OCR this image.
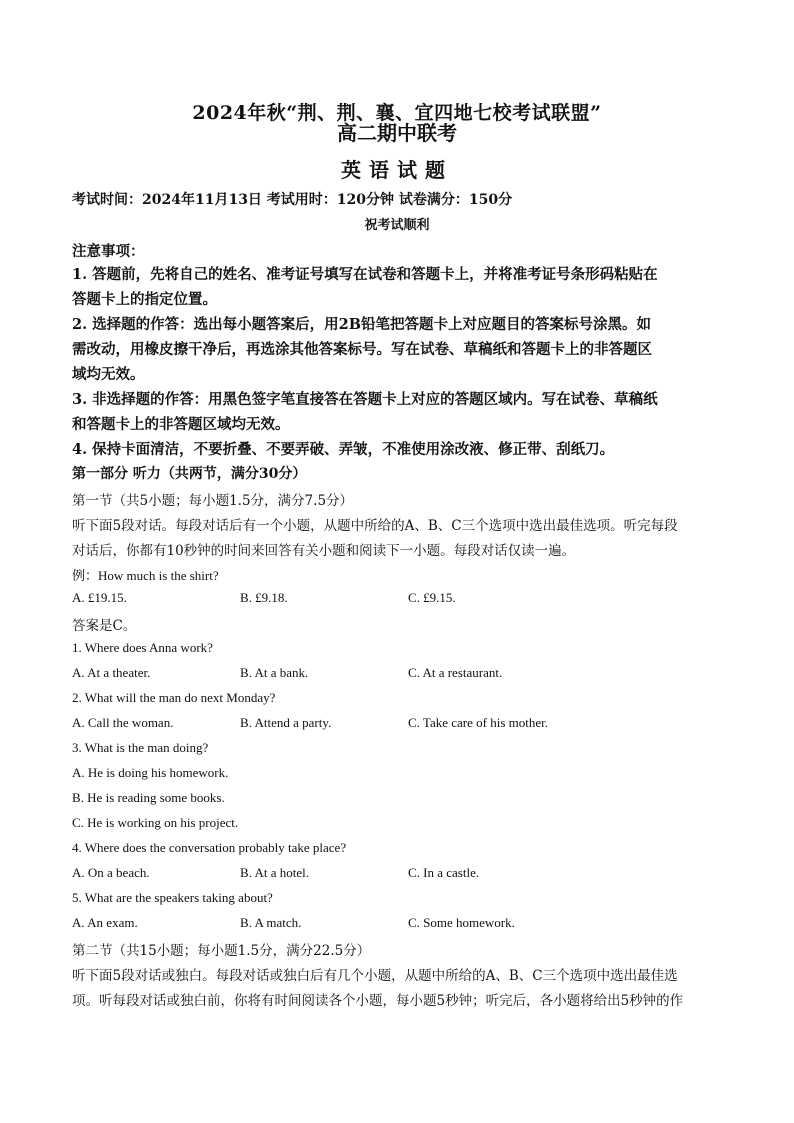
2024年秋“荆、荆、襄、宜四地七校考试联盟”
高二期中联考
英语试题
考试时间：2024年11月13日 考试用时：120分钟 试卷满分：150分
祝考试顺利
注意事项：
1. 答题前，先将自己的姓名、准考证号填写在试卷和答题卡上，并将准考证号条形码粘贴在
答题卡上的指定位置。
2. 选择题的作答：选出每小题答案后，用2B铅笔把答题卡上对应题目的答案标号涂黑。如
需改动，用橡皮擦干净后，再选涂其他答案标号。写在试卷、草稿纸和答题卡上的非答题区
域均无效。
3. 非选择题的作答：用黑色签字笔直接答在答题卡上对应的答题区域内。写在试卷、草稿纸
和答题卡上的非答题区域均无效。
4. 保持卡面清洁，不要折叠、不要弄破、弄皱，不准使用涂改液、修正带、刮纸刀。
第一部分 听力（共两节，满分30分）
第一节（共5小题；每小题1.5分，满分7.5分）
听下面5段对话。每段对话后有一个小题，从题中所给的A、B、C三个选项中选出最佳选项。听完每段
对话后，你都有10秒钟的时间来回答有关小题和阅读下一小题。每段对话仅读一遍。
例：How much is the shirt?
A. £19.15.	B. £9.18.	C. £9.15.
答案是C。
1. Where does Anna work?
A. At a theater.	B. At a bank.	C. At a restaurant.
2. What will the man do next Monday?
A. Call the woman.	B. Attend a party.	C. Take care of his mother.
3. What is the man doing?
A. He is doing his homework.
B. He is reading some books.
C. He is working on his project.
4. Where does the conversation probably take place?
A. On a beach.	B. At a hotel.	C. In a castle.
5. What are the speakers taking about?
A. An exam.	B. A match.	C. Some homework.
第二节（共15小题；每小题1.5分，满分22.5分）
听下面5段对话或独白。每段对话或独白后有几个小题，从题中所给的A、B、C三个选项中选出最佳选
项。听每段对话或独白前，你将有时间阅读各个小题，每小题5秒钟；听完后，各小题将给出5秒钟的作
